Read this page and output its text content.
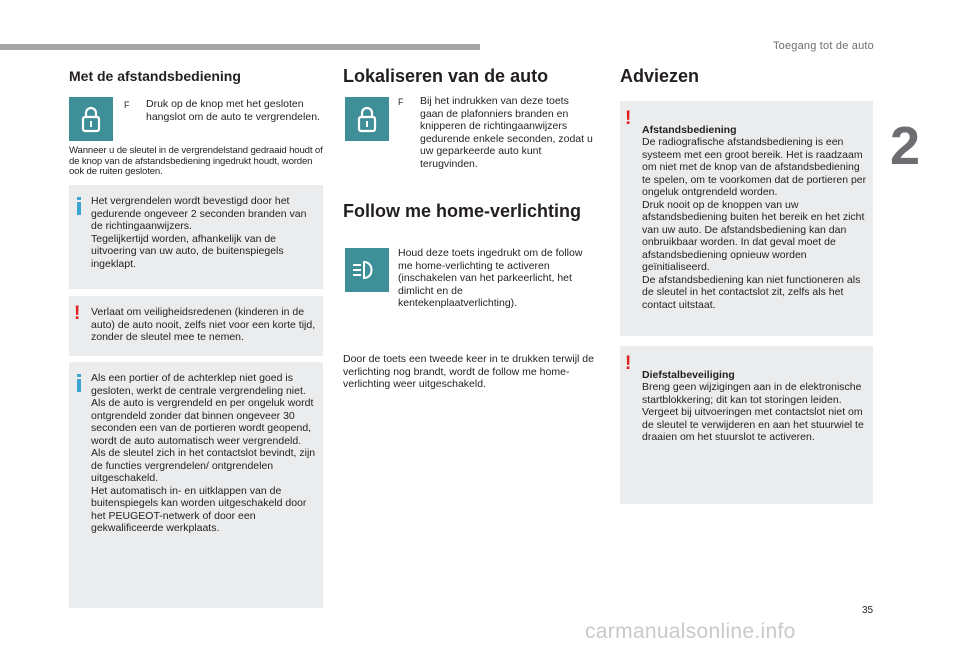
Toegang tot de auto
2
Met de afstandsbediening
F Druk op de knop met het gesloten hangslot om de auto te vergrendelen.
Wanneer u de sleutel in de vergrendelstand gedraaid houdt of de knop van de afstandsbediening ingedrukt houdt, worden ook de ruiten gesloten.
Het vergrendelen wordt bevestigd door het gedurende ongeveer 2 seconden branden van de richtingaanwijzers.
Tegelijkertijd worden, afhankelijk van de uitvoering van uw auto, de buitenspiegels ingeklapt.
! Verlaat om veiligheidsredenen (kinderen in de auto) de auto nooit, zelfs niet voor een korte tijd, zonder de sleutel mee te nemen.
Als een portier of de achterklep niet goed is gesloten, werkt de centrale vergrendeling niet.
Als de auto is vergrendeld en per ongeluk wordt ontgrendeld zonder dat binnen ongeveer 30 seconden een van de portieren wordt geopend, wordt de auto automatisch weer vergrendeld.
Als de sleutel zich in het contactslot bevindt, zijn de functies vergrendelen/ ontgrendelen uitgeschakeld.
Het automatisch in- en uitklappen van de buitenspiegels kan worden uitgeschakeld door het PEUGEOT-netwerk of door een gekwalificeerde werkplaats.
Lokaliseren van de auto
F Bij het indrukken van deze toets gaan de plafonniers branden en knipperen de richtingaanwijzers gedurende enkele seconden, zodat u uw geparkeerde auto kunt terugvinden.
Follow me home-verlichting
Houd deze toets ingedrukt om de follow me home-verlichting te activeren (inschakelen van het parkeerlicht, het dimlicht en de kentekenplaatverlichting).
Door de toets een tweede keer in te drukken terwijl de verlichting nog brandt, wordt de follow me home-verlichting weer uitgeschakeld.
Adviezen
!

Afstandsbediening

De radiografische afstandsbediening is een systeem met een groot bereik. Het is raadzaam om niet met de knop van de afstandsbediening te spelen, om te voorkomen dat de portieren per ongeluk ontgrendeld worden.
Druk nooit op de knoppen van uw afstandsbediening buiten het bereik en het zicht van uw auto. De afstandsbediening kan dan onbruikbaar worden. In dat geval moet de afstandsbediening opnieuw worden geïnitialiseerd.
De afstandsbediening kan niet functioneren als de sleutel in het contactslot zit, zelfs als het contact uitstaat.

!

Diefstalbeveiliging

Breng geen wijzigingen aan in de elektronische startblokkering; dit kan tot storingen leiden.
Vergeet bij uitvoeringen met contactslot niet om de sleutel te verwijderen en aan het stuurwiel te draaien om het stuurslot te activeren.

35
carmanualsonline.info
